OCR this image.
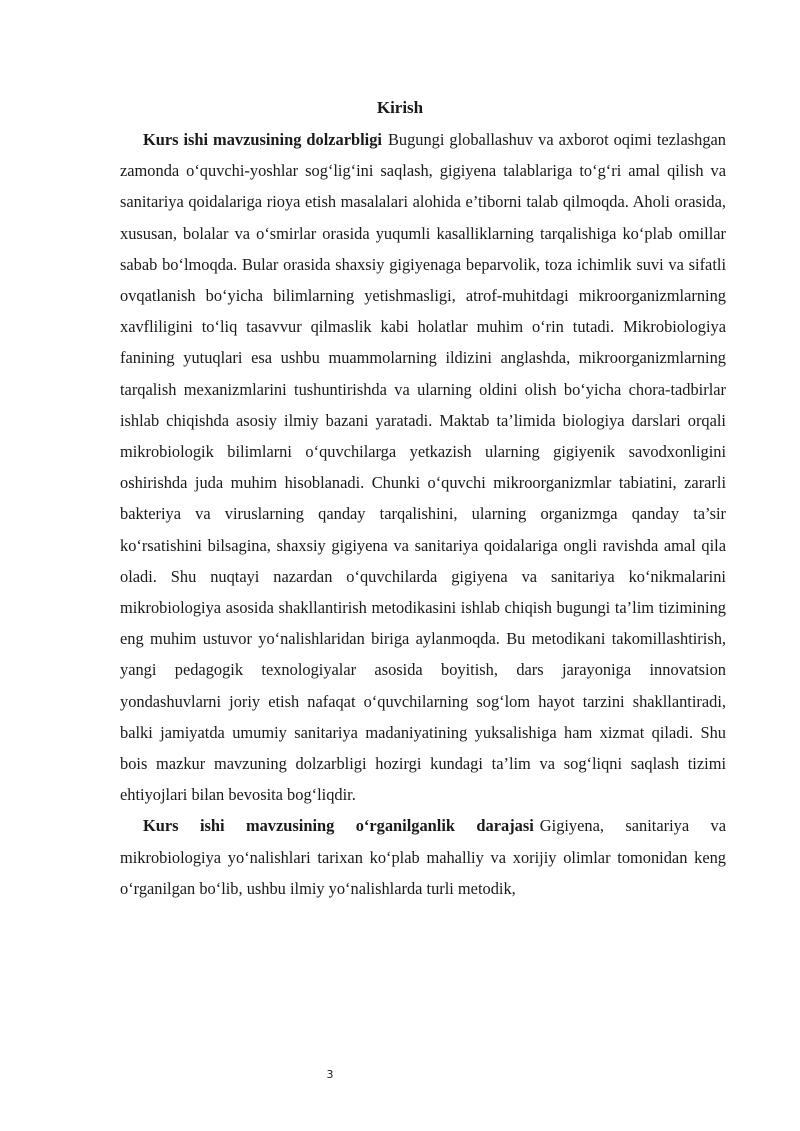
Kirish

Kurs ishi mavzusining dolzarbligi Bugungi globallashuv va axborot oqimi tezlashgan zamonda o‘quvchi-yoshlar sog‘lig‘ini saqlash, gigiyena talablariga to‘g‘ri amal qilish va sanitariya qoidalariga rioya etish masalalari alohida e’tiborni talab qilmoqda. Aholi orasida, xususan, bolalar va o‘smirlar orasida yuqumli kasalliklarning tarqalishiga ko‘plab omillar sabab bo‘lmoqda. Bular orasida shaxsiy gigiyenaga beparvolik, toza ichimlik suvi va sifatli ovqatlanish bo‘yicha bilimlarning yetishmasligi, atrof-muhitdagi mikroorganizmlarning xavfliligini to‘liq tasavvur qilmaslik kabi holatlar muhim o‘rin tutadi. Mikrobiologiya fanining yutuqlari esa ushbu muammolarning ildizini anglashda, mikroorganizmlarning tarqalish mexanizmlarini tushuntirishda va ularning oldini olish bo‘yicha chora-tadbirlar ishlab chiqishda asosiy ilmiy bazani yaratadi. Maktab ta’limida biologiya darslari orqali mikrobiologik bilimlarni o‘quvchilarga yetkazish ularning gigiyenik savodxonligini oshirishda juda muhim hisoblanadi. Chunki o‘quvchi mikroorganizmlar tabiatini, zararli bakteriya va viruslarning qanday tarqalishini, ularning organizmga qanday ta’sir ko‘rsatishini bilsagina, shaxsiy gigiyena va sanitariya qoidalariga ongli ravishda amal qila oladi. Shu nuqtayi nazardan o‘quvchilarda gigiyena va sanitariya ko‘nikmalarini mikrobiologiya asosida shakllantirish metodikasini ishlab chiqish bugungi ta’lim tizimining eng muhim ustuvor yo‘nalishlaridan biriga aylanmoqda. Bu metodikani takomillashtirish, yangi pedagogik texnologiyalar asosida boyitish, dars jarayoniga innovatsion yondashuvlarni joriy etish nafaqat o‘quvchilarning sog‘lom hayot tarzini shakllantiradi, balki jamiyatda umumiy sanitariya madaniyatining yuksalishiga ham xizmat qiladi. Shu bois mazkur mavzuning dolzarbligi hozirgi kundagi ta’lim va sog‘liqni saqlash tizimi ehtiyojlari bilan bevosita bog‘liqdir.

Kurs ishi mavzusining o‘rganilganlik darajasi Gigiyena, sanitariya va mikrobiologiya yo‘nalishlari tarixan ko‘plab mahalliy va xorijiy olimlar tomonidan keng o‘rganilgan bo‘lib, ushbu ilmiy yo‘nalishlarda turli metodik,

3
